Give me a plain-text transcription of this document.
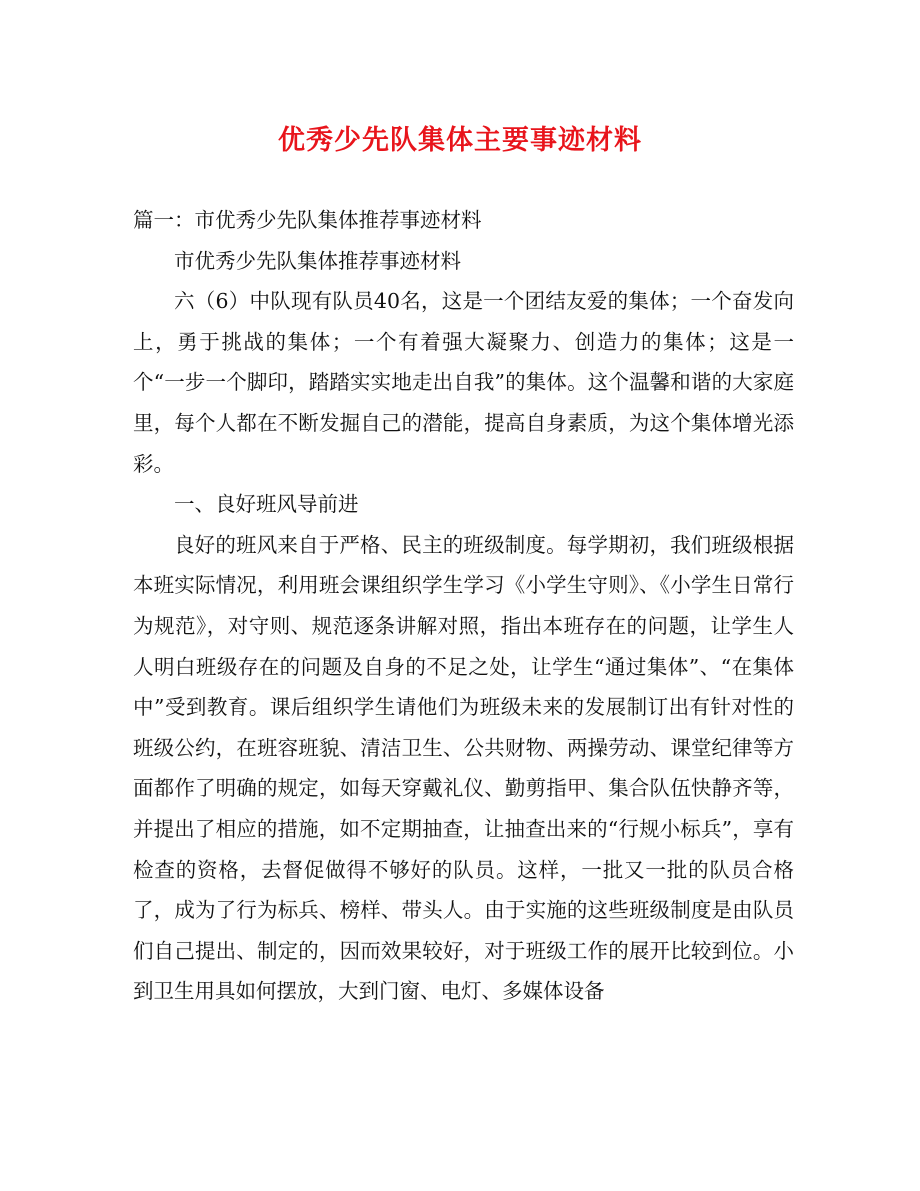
优秀少先队集体主要事迹材料

篇一：市优秀少先队集体推荐事迹材料

市优秀少先队集体推荐事迹材料

六（6）中队现有队员40名，这是一个团结友爱的集体；一个奋发向上，勇于挑战的集体；一个有着强大凝聚力、创造力的集体；这是一个“一步一个脚印，踏踏实实地走出自我”的集体。这个温馨和谐的大家庭里，每个人都在不断发掘自己的潜能，提高自身素质，为这个集体增光添彩。

一、良好班风导前进

良好的班风来自于严格、民主的班级制度。每学期初，我们班级根据本班实际情况，利用班会课组织学生学习《小学生守则》、《小学生日常行为规范》，对守则、规范逐条讲解对照，指出本班存在的问题，让学生人人明白班级存在的问题及自身的不足之处，让学生“通过集体”、“在集体中”受到教育。课后组织学生请他们为班级未来的发展制订出有针对性的班级公约，在班容班貌、清洁卫生、公共财物、两操劳动、课堂纪律等方面都作了明确的规定，如每天穿戴礼仪、勤剪指甲、集合队伍快静齐等，并提出了相应的措施，如不定期抽查，让抽查出来的“行规小标兵”，享有检查的资格，去督促做得不够好的队员。这样，一批又一批的队员合格了，成为了行为标兵、榜样、带头人。由于实施的这些班级制度是由队员们自己提出、制定的，因而效果较好，对于班级工作的展开比较到位。小到卫生用具如何摆放，大到门窗、电灯、多媒体设备
